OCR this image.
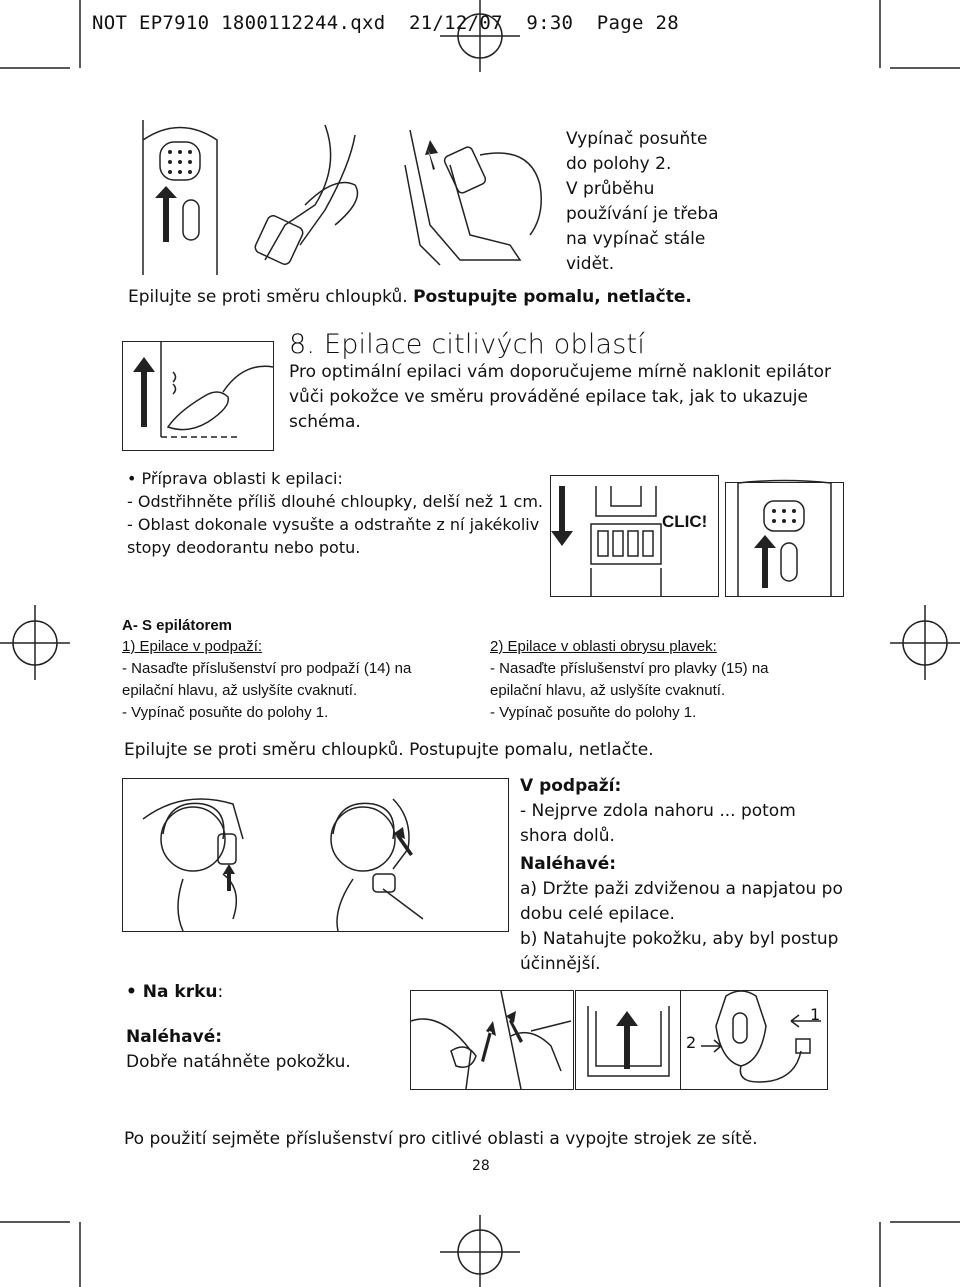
NOT EP7910 1800112244.qxd  21/12/07  9:30  Page 28
Vypínač posuňte
do polohy 2.
V průběhu
používání je třeba
na vypínač stále
vidět.
Epilujte se proti směru chloupků. Postupujte pomalu, netlačte.
8. Epilace citlivých oblastí
Pro optimální epilaci vám doporučujeme mírně naklonit epilátor
vůči pokožce ve směru prováděné epilace tak, jak to ukazuje
schéma.
• Příprava oblasti k epilaci:
- Odstřihněte příliš dlouhé chloupky, delší než 1 cm.
- Oblast dokonale vysušte a odstraňte z ní jakékoliv
stopy deodorantu nebo potu.
CLIC!
A- S epilátorem
1) Epilace v podpaží:
- Nasaďte příslušenství pro podpaží (14) na
epilační hlavu, až uslyšíte cvaknutí.
- Vypínač posuňte do polohy 1.
2) Epilace v oblasti obrysu plavek:
- Nasaďte příslušenství pro plavky (15) na
epilační hlavu, až uslyšíte cvaknutí.
- Vypínač posuňte do polohy 1.
Epilujte se proti směru chloupků. Postupujte pomalu, netlačte.
V podpaží:
- Nejprve zdola nahoru ... potom
shora dolů.
Naléhavé:
a) Držte paži zdviženou a napjatou po
dobu celé epilace.
b) Natahujte pokožku, aby byl postup
účinnější.
• Na krku:
Naléhavé:
Dobře natáhněte pokožku.
1
2
Po použití sejměte příslušenství pro citlivé oblasti a vypojte strojek ze sítě.
28
